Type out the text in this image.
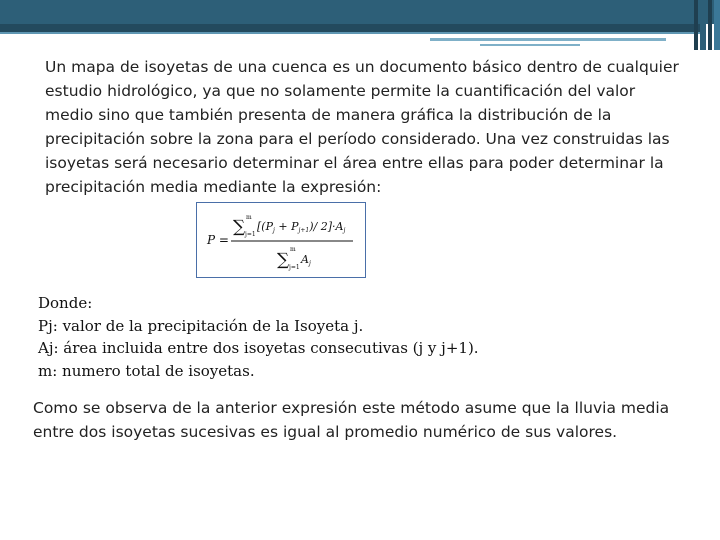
Un mapa de isoyetas de una cuenca es un documento básico dentro de cualquier estudio hidrológico, ya que no solamente permite la cuantificación del valor medio sino que también presenta de manera gráfica la distribución de la precipitación sobre la zona para el período considerado. Una vez construidas las isoyetas será necesario determinar el área entre ellas para poder determinar la precipitación media mediante la expresión:

P =
∑ m
j=1
[(Pj + Pj+1)/ 2]·Aj
∑
m
j=1
Aj
Donde:
Pj: valor de la precipitación de la Isoyeta j.
Aj: área incluida entre dos isoyetas consecutivas (j y j+1).
m: numero total de isoyetas.

Como se observa de la anterior expresión este método asume que la lluvia media entre dos isoyetas sucesivas es igual al promedio numérico de sus valores.
